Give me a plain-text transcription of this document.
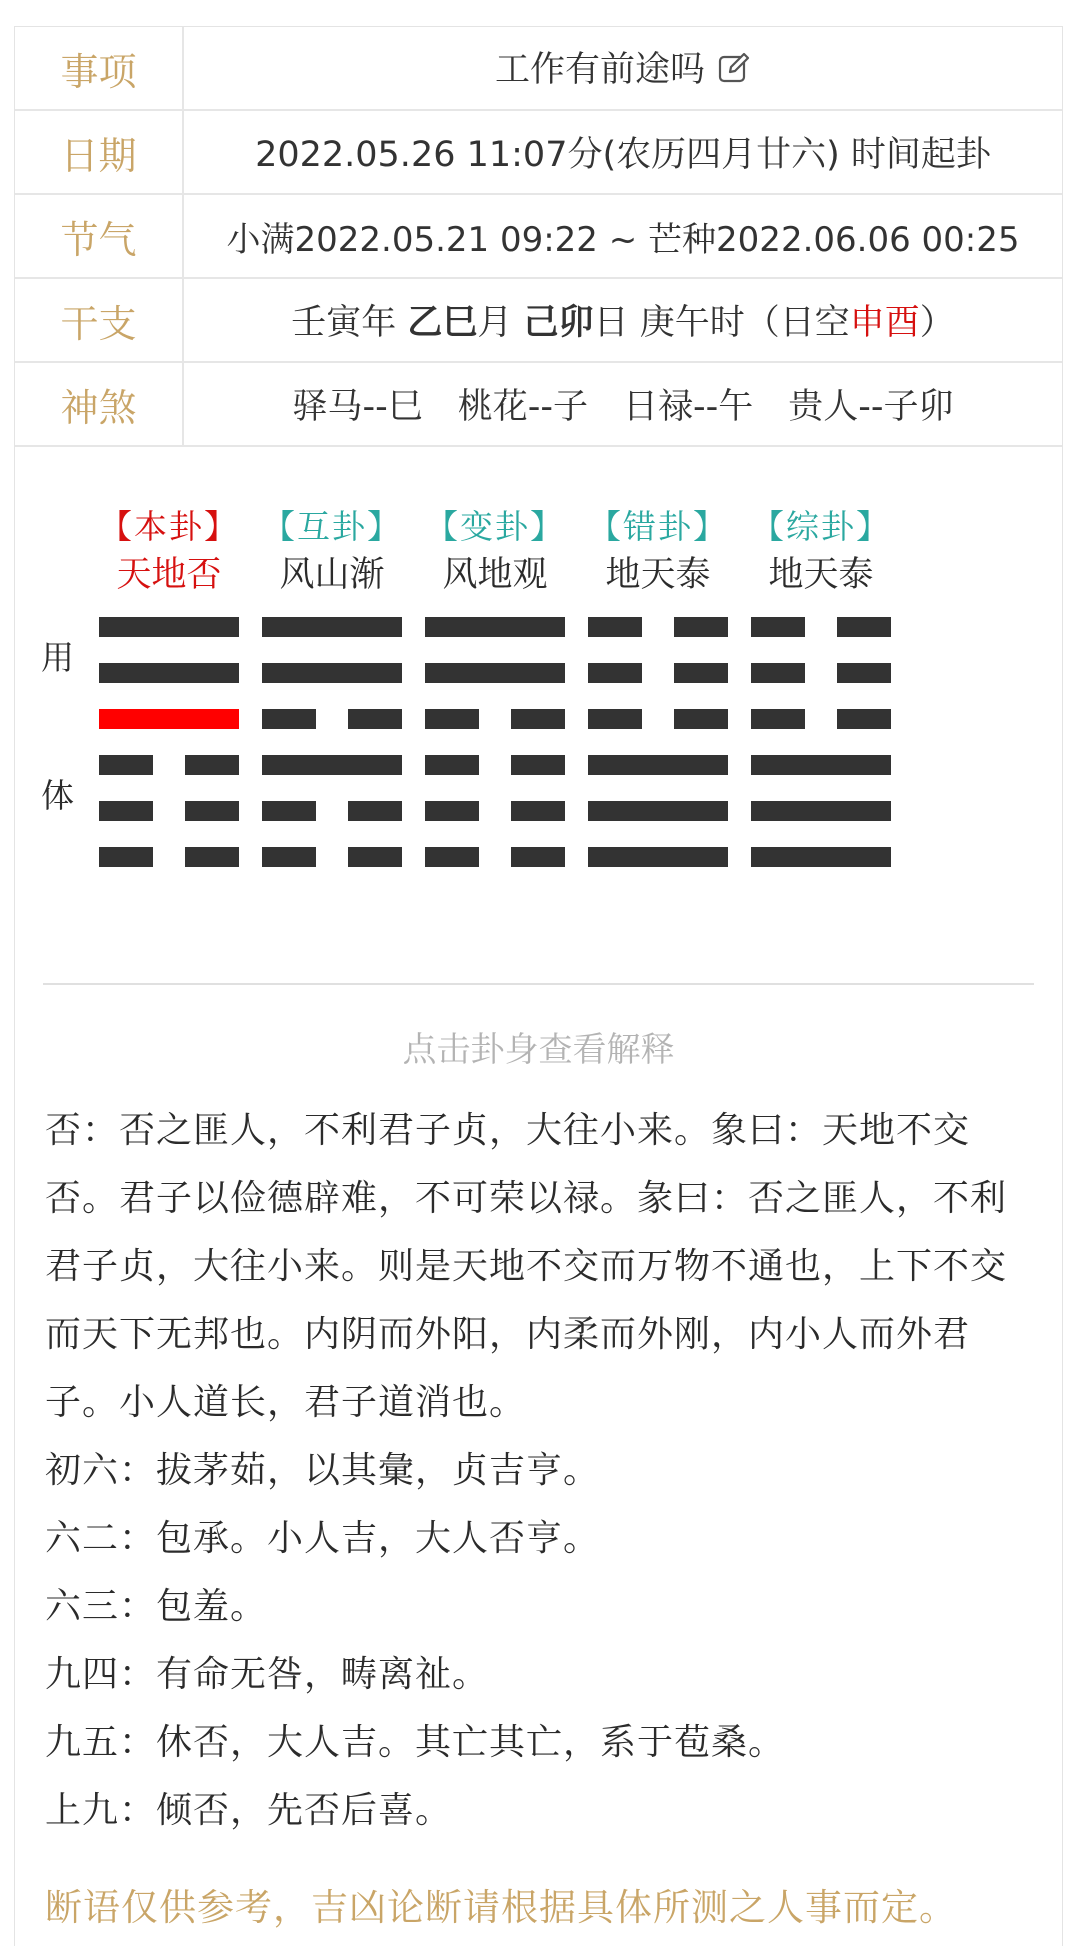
事项	工作有前途吗
日期	2022.05.26 11:07分(农历四月廿六) 时间起卦
节气	小满2022.05.21 09:22 ~ 芒种2022.06.06 00:25
干支	壬寅年 乙巳月 己卯日 庚午时（日空申酉）
神煞	驿马--巳　桃花--子　日禄--午　贵人--子卯
用
体
【本卦】
天地否
【互卦】
风山渐
【变卦】
风地观
【错卦】
地天泰
【综卦】
地天泰
点击卦身查看解释
否：否之匪人，不利君子贞，大往小来。象曰：天地不交否。君子以俭德辟难，不可荣以禄。彖曰：否之匪人，不利君子贞，大往小来。则是天地不交而万物不通也，上下不交而天下无邦也。内阴而外阳，内柔而外刚，内小人而外君子。小人道长，君子道消也。
初六：拔茅茹，以其彙，贞吉亨。
六二：包承。小人吉，大人否亨。
六三：包羞。
九四：有命无咎，畴离祉。
九五：休否，大人吉。其亡其亡，系于苞桑。
上九：倾否，先否后喜。
断语仅供参考，吉凶论断请根据具体所测之人事而定。
